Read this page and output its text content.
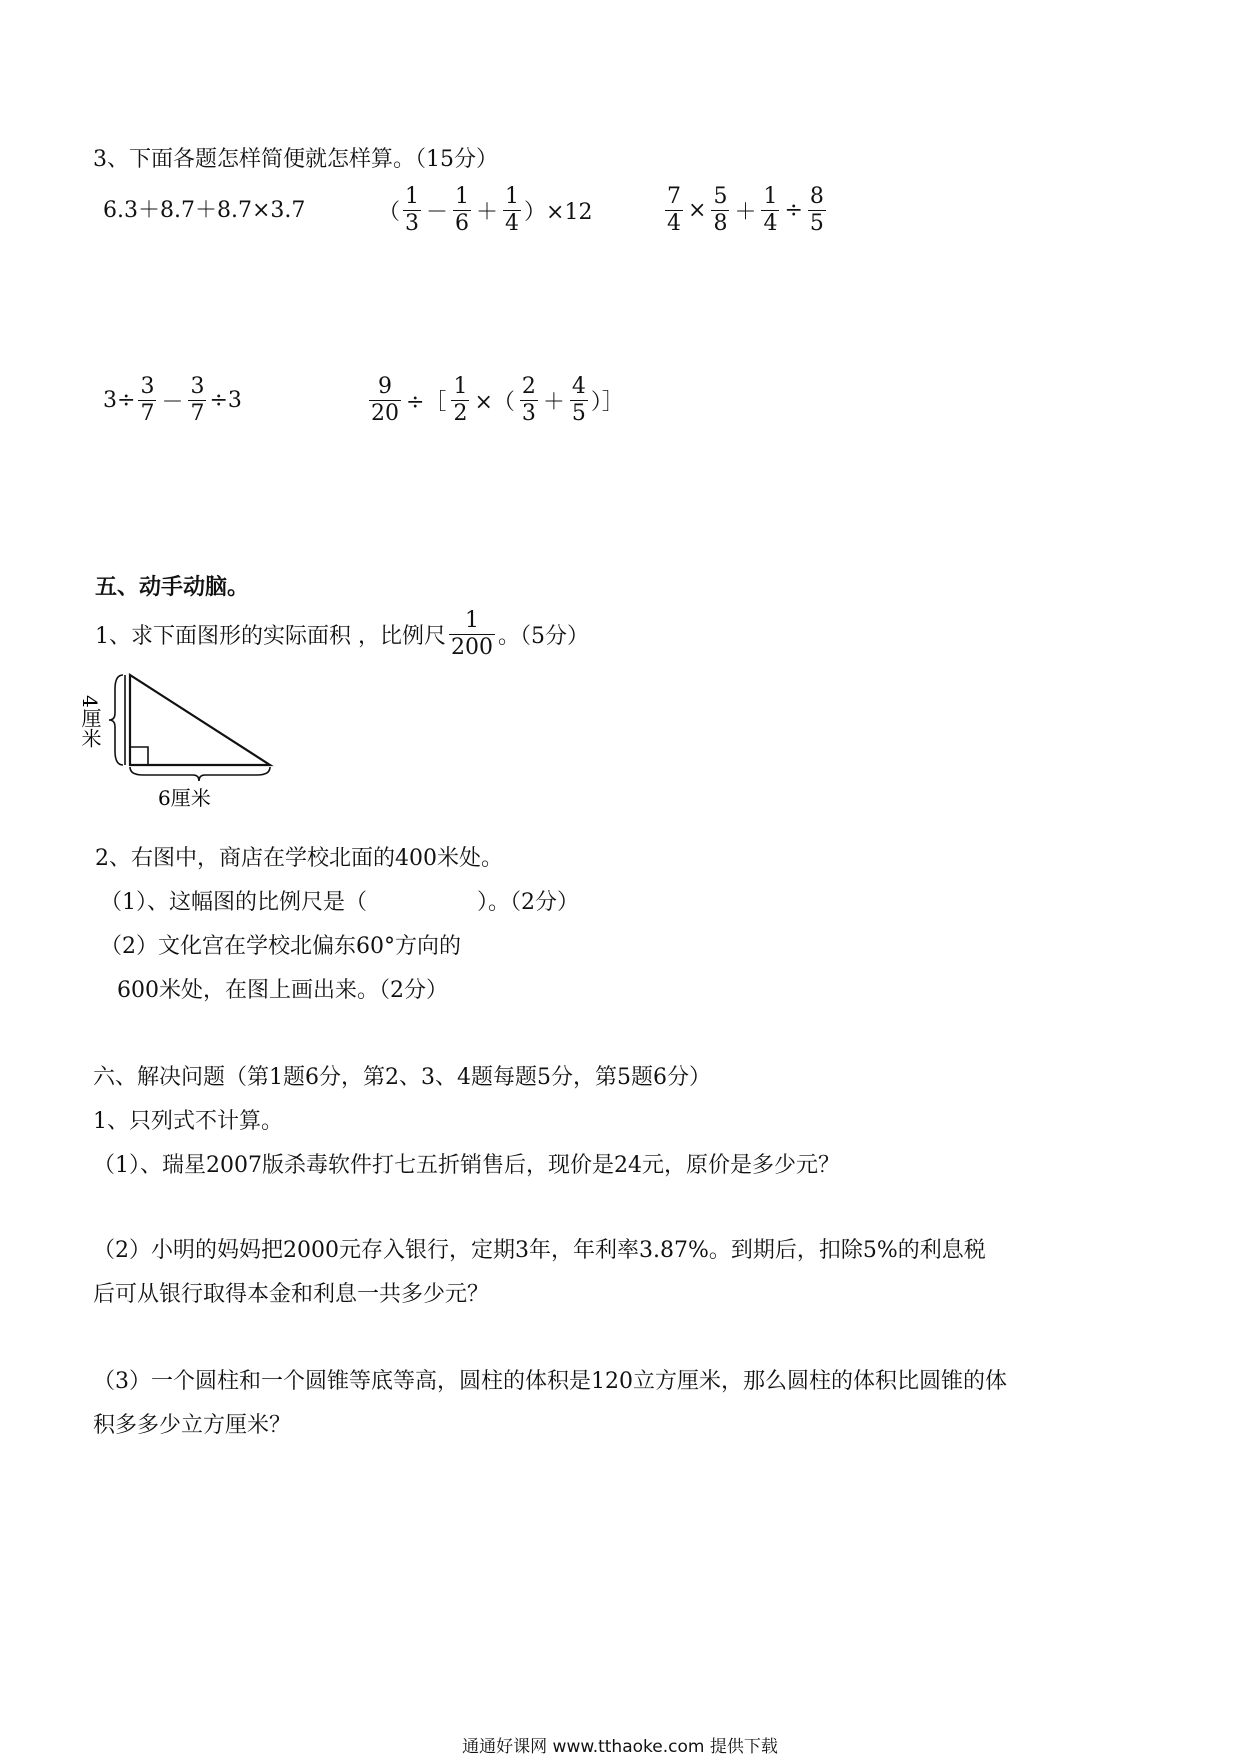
3、下面各题怎样简便就怎样算。（15分）
6.3＋8.7＋8.7×3.7	（ $\frac{1}{3} - \frac{1}{6} + \frac{1}{4} )\times 12$	$\frac{7}{4} \times \frac{5}{8} + \frac{1}{4} \div \frac{8}{5}$
$3\div \frac{3}{7} - \frac{3}{7} \div 3$	$\frac{9}{20}$ ÷［ $\frac{1}{2}$ ×（ $\frac{2}{3} + \frac{4}{5}$ ）］
五、动手动脑。
1、求下面图形的实际面积 ，比例尺 $\frac{1}{200}$ 。（5分）
4厘米
6厘米
2、右图中，商店在学校北面的400米处。
（1）、这幅图的比例尺是（　　　　　）。（2分）
（2）文化宫在学校北偏东60°方向的
600米处，在图上画出来。（2分）
六、解决问题（第1题6分，第2、3、4题每题5分，第5题6分）
1、只列式不计算。
（1）、瑞星2007版杀毒软件打七五折销售后，现价是24元，原价是多少元？
（2）小明的妈妈把2000元存入银行，定期3年，年利率3.87%。到期后，扣除5%的利息税
后可从银行取得本金和利息一共多少元？
（3）一个圆柱和一个圆锥等底等高，圆柱的体积是120立方厘米，那么圆柱的体积比圆锥的体
积多多少立方厘米？
通通好课网 www.tthaoke.com 提供下载
